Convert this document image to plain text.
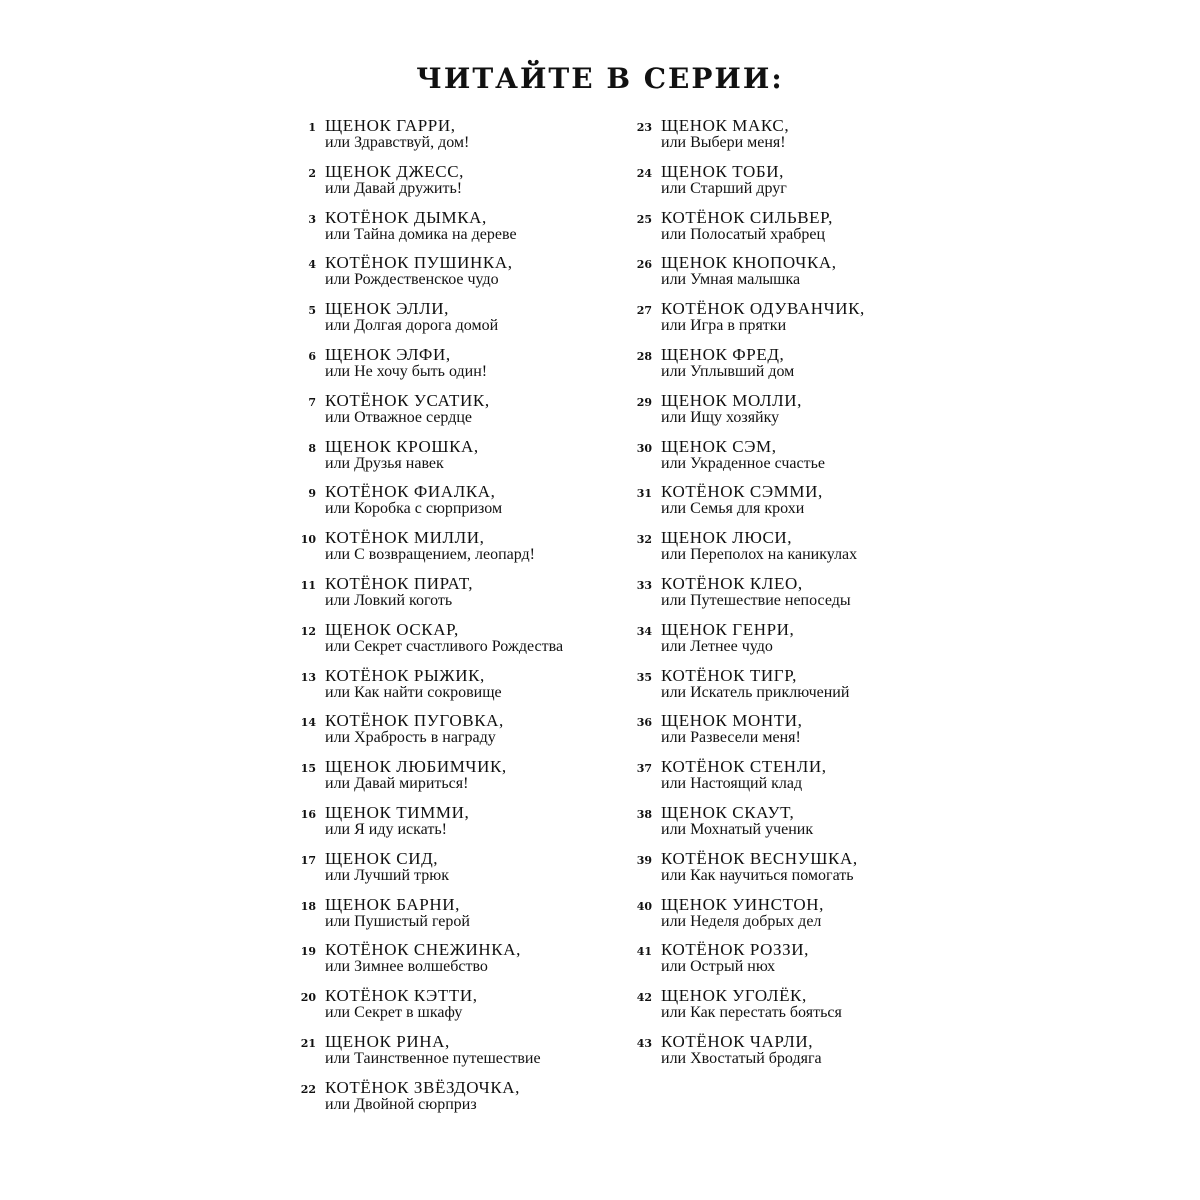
ЧИТАЙТЕ В СЕРИИ:
1 ЩЕНОК ГАРРИ,
или Здравствуй, дом!
2 ЩЕНОК ДЖЕСС,
или Давай дружить!
3 КОТЁНОК ДЫМКА,
или Тайна домика на дереве
4 КОТЁНОК ПУШИНКА,
или Рождественское чудо
5 ЩЕНОК ЭЛЛИ,
или Долгая дорога домой
6 ЩЕНОК ЭЛФИ,
или Не хочу быть один!
7 КОТЁНОК УСАТИК,
или Отважное сердце
8 ЩЕНОК КРОШКА,
или Друзья навек
9 КОТЁНОК ФИАЛКА,
или Коробка с сюрпризом
10 КОТЁНОК МИЛЛИ,
или С возвращением, леопард!
11 КОТЁНОК ПИРАТ,
или Ловкий коготь
12 ЩЕНОК ОСКАР,
или Секрет счастливого Рождества
13 КОТЁНОК РЫЖИК,
или Как найти сокровище
14 КОТЁНОК ПУГОВКА,
или Храбрость в награду
15 ЩЕНОК ЛЮБИМЧИК,
или Давай мириться!
16 ЩЕНОК ТИММИ,
или Я иду искать!
17 ЩЕНОК СИД,
или Лучший трюк
18 ЩЕНОК БАРНИ,
или Пушистый герой
19 КОТЁНОК СНЕЖИНКА,
или Зимнее волшебство
20 КОТЁНОК КЭТТИ,
или Секрет в шкафу
21 ЩЕНОК РИНА,
или Таинственное путешествие
22 КОТЁНОК ЗВЁЗДОЧКА,
или Двойной сюрприз
23 ЩЕНОК МАКС,
или Выбери меня!
24 ЩЕНОК ТОБИ,
или Старший друг
25 КОТЁНОК СИЛЬВЕР,
или Полосатый храбрец
26 ЩЕНОК КНОПОЧКА,
или Умная малышка
27 КОТЁНОК ОДУВАНЧИК,
или Игра в прятки
28 ЩЕНОК ФРЕД,
или Уплывший дом
29 ЩЕНОК МОЛЛИ,
или Ищу хозяйку
30 ЩЕНОК СЭМ,
или Украденное счастье
31 КОТЁНОК СЭММИ,
или Семья для крохи
32 ЩЕНОК ЛЮСИ,
или Переполох на каникулах
33 КОТЁНОК КЛЕО,
или Путешествие непоседы
34 ЩЕНОК ГЕНРИ,
или Летнее чудо
35 КОТЁНОК ТИГР,
или Искатель приключений
36 ЩЕНОК МОНТИ,
или Развесели меня!
37 КОТЁНОК СТЕНЛИ,
или Настоящий клад
38 ЩЕНОК СКАУТ,
или Мохнатый ученик
39 КОТЁНОК ВЕСНУШКА,
или Как научиться помогать
40 ЩЕНОК УИНСТОН,
или Неделя добрых дел
41 КОТЁНОК РОЗЗИ,
или Острый нюх
42 ЩЕНОК УГОЛЁК,
или Как перестать бояться
43 КОТЁНОК ЧАРЛИ,
или Хвостатый бродяга
